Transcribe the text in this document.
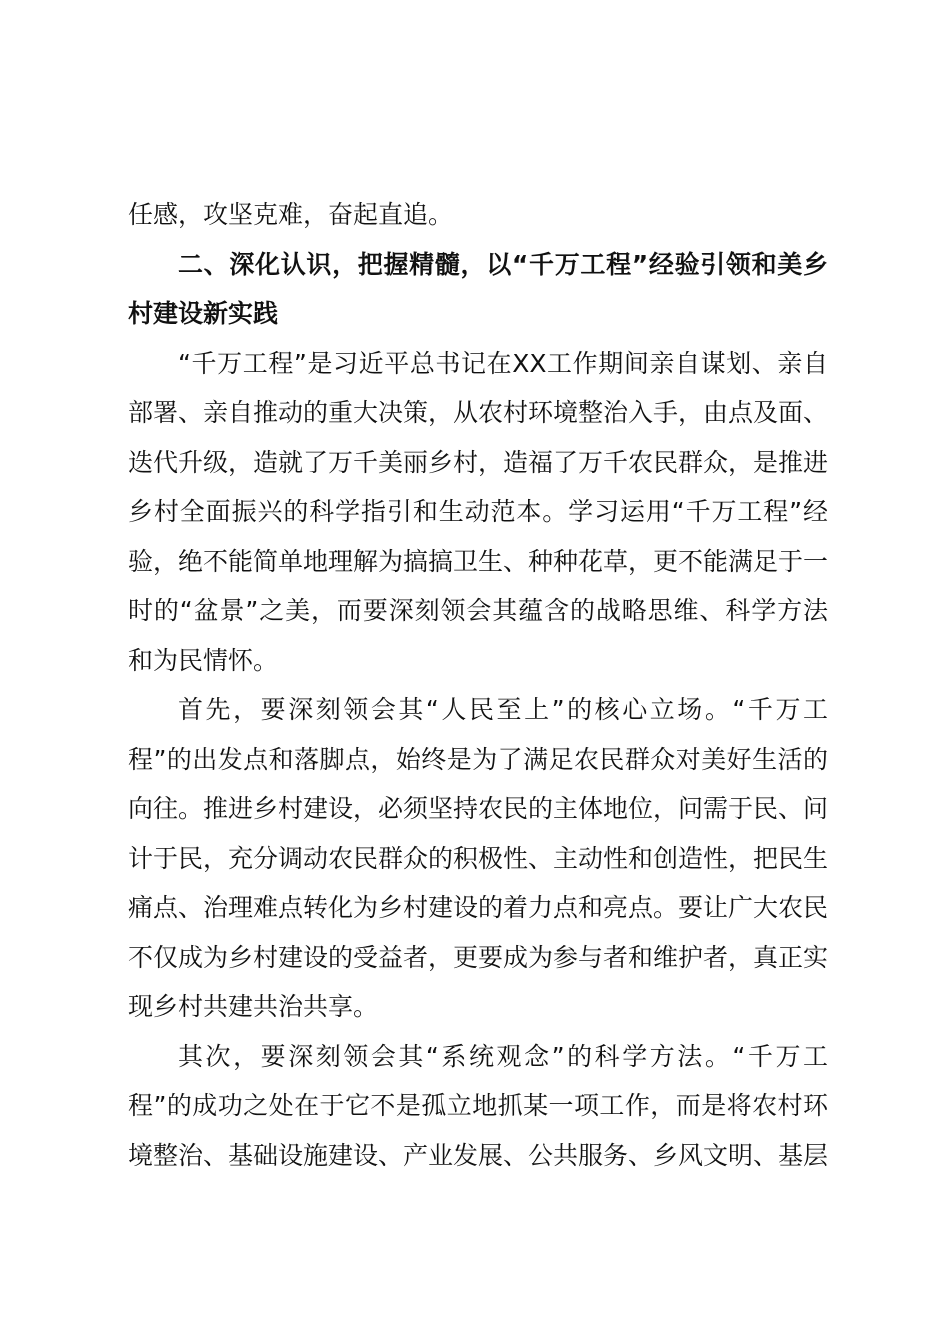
任感，攻坚克难，奋起直追。

二、深化认识，把握精髓，以“千万工程”经验引领和美乡村建设新实践

“千万工程”是习近平总书记在XX工作期间亲自谋划、亲自部署、亲自推动的重大决策，从农村环境整治入手，由点及面、迭代升级，造就了万千美丽乡村，造福了万千农民群众，是推进乡村全面振兴的科学指引和生动范本。学习运用“千万工程”经验，绝不能简单地理解为搞搞卫生、种种花草，更不能满足于一时的“盆景”之美，而要深刻领会其蕴含的战略思维、科学方法和为民情怀。

首先，要深刻领会其“人民至上”的核心立场。“千万工程”的出发点和落脚点，始终是为了满足农民群众对美好生活的向往。推进乡村建设，必须坚持农民的主体地位，问需于民、问计于民，充分调动农民群众的积极性、主动性和创造性，把民生痛点、治理难点转化为乡村建设的着力点和亮点。要让广大农民不仅成为乡村建设的受益者，更要成为参与者和维护者，真正实现乡村共建共治共享。

其次，要深刻领会其“系统观念”的科学方法。“千万工程”的成功之处在于它不是孤立地抓某一项工作，而是将农村环境整治、基础设施建设、产业发展、公共服务、乡风文明、基层
